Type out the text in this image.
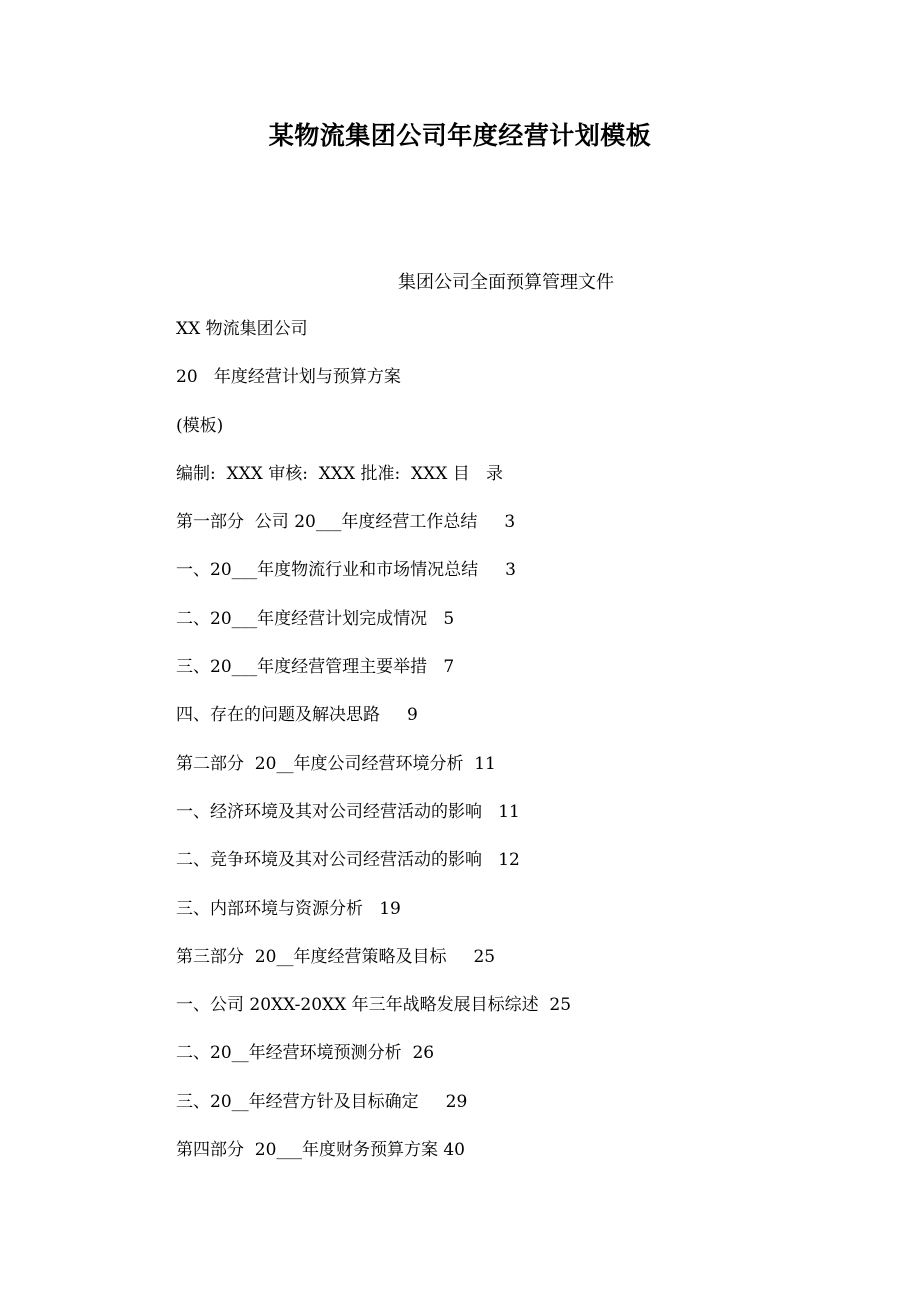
某物流集团公司年度经营计划模板

集团公司全面预算管理文件

XX 物流集团公司
20   年度经营计划与预算方案
(模板)
编制:  XXX 审核:  XXX 批准:  XXX 目   录
第一部分  公司 20___年度经营工作总结     3
一、20___年度物流行业和市场情况总结     3
二、20___年度经营计划完成情况   5
三、20___年度经营管理主要举措   7
四、存在的问题及解决思路     9
第二部分  20__年度公司经营环境分析  11
一、经济环境及其对公司经营活动的影响   11
二、竞争环境及其对公司经营活动的影响   12
三、内部环境与资源分析   19
第三部分  20__年度经营策略及目标     25
一、公司 20XX-20XX 年三年战略发展目标综述  25
二、20__年经营环境预测分析  26
三、20__年经营方针及目标确定     29
第四部分  20___年度财务预算方案 40
